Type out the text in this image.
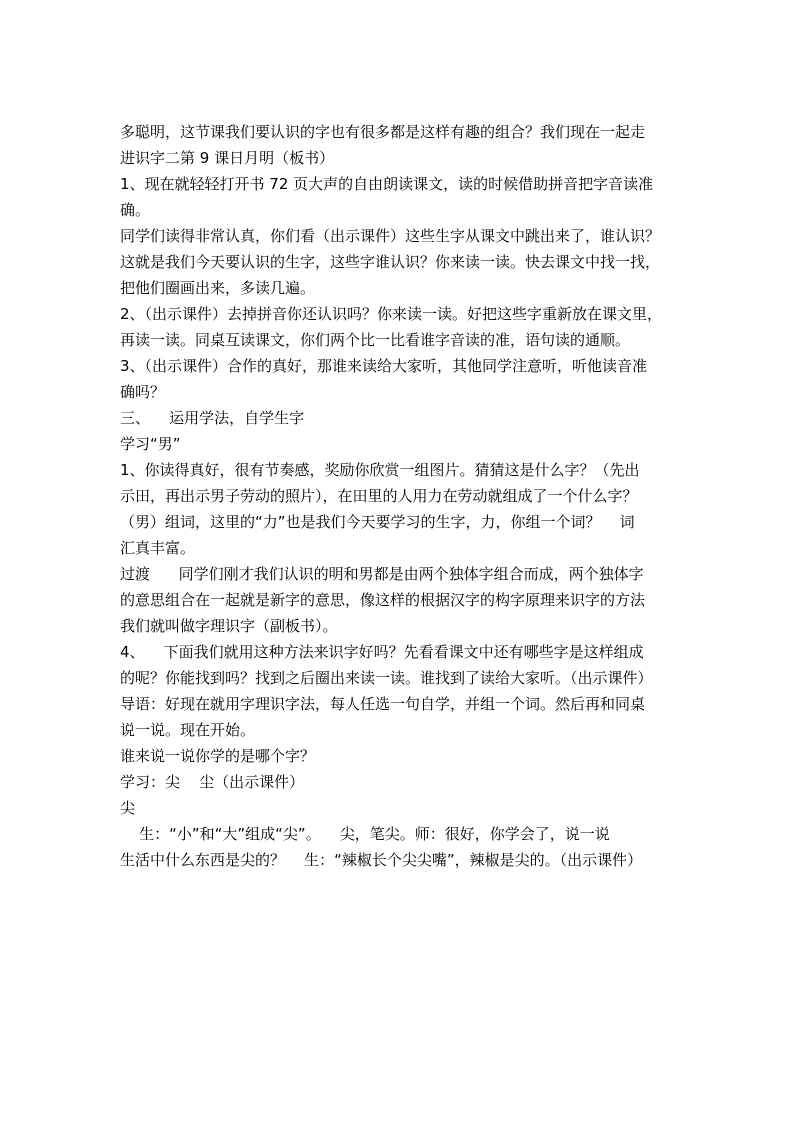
多聪明，这节课我们要认识的字也有很多都是这样有趣的组合？我们现在一起走
进识字二第 9 课日月明（板书）
1、现在就轻轻打开书 72 页大声的自由朗读课文，读的时候借助拼音把字音读准
确。
同学们读得非常认真，你们看（出示课件）这些生字从课文中跳出来了，谁认识？
这就是我们今天要认识的生字，这些字谁认识？你来读一读。快去课文中找一找，
把他们圈画出来，多读几遍。
2、（出示课件）去掉拼音你还认识吗？你来读一读。好把这些字重新放在课文里，
再读一读。同桌互读课文，你们两个比一比看谁字音读的准，语句读的通顺。
3、（出示课件）合作的真好，那谁来读给大家听，其他同学注意听，听他读音准
确吗？
三、    运用学法，自学生字
学习“男”
1、你读得真好，很有节奏感，奖励你欣赏一组图片。猜猜这是什么字？（先出
示田，再出示男子劳动的照片），在田里的人用力在劳动就组成了一个什么字？
（男）组词，这里的“力”也是我们今天要学习的生字，力，你组一个词？    词
汇真丰富。
过渡      同学们刚才我们认识的明和男都是由两个独体字组合而成，两个独体字
的意思组合在一起就是新字的意思，像这样的根据汉字的构字原理来识字的方法
我们就叫做字理识字（副板书）。
4、    下面我们就用这种方法来识字好吗？先看看课文中还有哪些字是这样组成
的呢？你能找到吗？找到之后圈出来读一读。谁找到了读给大家听。（出示课件）
导语：好现在就用字理识字法，每人任选一句自学，并组一个词。然后再和同桌
说一说。现在开始。
谁来说一说你学的是哪个字？
学习：尖    尘（出示课件）
尖
生：“小”和“大”组成“尖”。    尖，笔尖。师：很好，你学会了，说一说
生活中什么东西是尖的？    生：“辣椒长个尖尖嘴”，辣椒是尖的。（出示课件）
